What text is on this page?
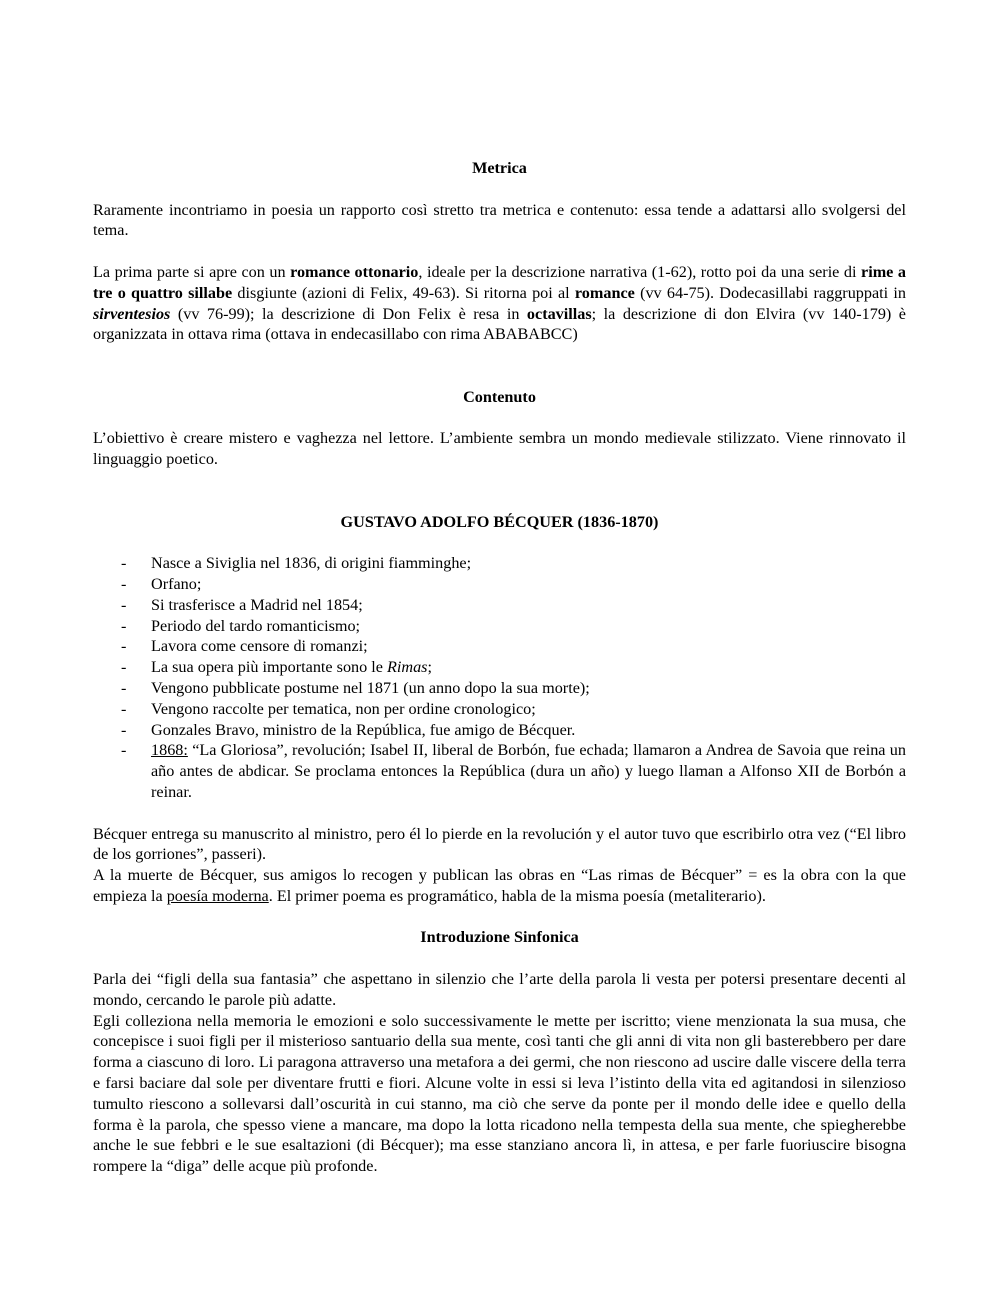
Metrica

Raramente incontriamo in poesia un rapporto così stretto tra metrica e contenuto: essa tende a adattarsi allo svolgersi del tema.

La prima parte si apre con un romance ottonario, ideale per la descrizione narrativa (1-62), rotto poi da una serie di rime a tre o quattro sillabe disgiunte (azioni di Felix, 49-63). Si ritorna poi al romance (vv 64-75). Dodecasillabi raggruppati in sirventesios (vv 76-99); la descrizione di Don Felix è resa in octavillas; la descrizione di don Elvira (vv 140-179) è organizzata in ottava rima (ottava in endecasillabo con rima ABABABCC)

Contenuto

L’obiettivo è creare mistero e vaghezza nel lettore. L’ambiente sembra un mondo medievale stilizzato. Viene rinnovato il linguaggio poetico.

GUSTAVO ADOLFO BÉCQUER (1836-1870)
- Nasce a Siviglia nel 1836, di origini fiamminghe;
- Orfano;
- Si trasferisce a Madrid nel 1854;
- Periodo del tardo romanticismo;
- Lavora come censore di romanzi;
- La sua opera più importante sono le Rimas;
- Vengono pubblicate postume nel 1871 (un anno dopo la sua morte);
- Vengono raccolte per tematica, non per ordine cronologico;
- Gonzales Bravo, ministro de la República, fue amigo de Bécquer.
- 1868: “La Gloriosa”, revolución; Isabel II, liberal de Borbón, fue echada; llamaron a Andrea de Savoia que reina un año antes de abdicar. Se proclama entonces la República (dura un año) y luego llaman a Alfonso XII de Borbón a reinar.

Bécquer entrega su manuscrito al ministro, pero él lo pierde en la revolución y el autor tuvo que escribirlo otra vez (“El libro de los gorriones”, passeri).

A la muerte de Bécquer, sus amigos lo recogen y publican las obras en “Las rimas de Bécquer” = es la obra con la que empieza la poesía moderna. El primer poema es programático, habla de la misma poesía (metaliterario).

Introduzione Sinfonica

Parla dei “figli della sua fantasia” che aspettano in silenzio che l’arte della parola li vesta per potersi presentare decenti al mondo, cercando le parole più adatte.

Egli colleziona nella memoria le emozioni e solo successivamente le mette per iscritto; viene menzionata la sua musa, che concepisce i suoi figli per il misterioso santuario della sua mente, così tanti che gli anni di vita non gli basterebbero per dare forma a ciascuno di loro. Li paragona attraverso una metafora a dei germi, che non riescono ad uscire dalle viscere della terra e farsi baciare dal sole per diventare frutti e fiori. Alcune volte in essi si leva l’istinto della vita ed agitandosi in silenzioso tumulto riescono a sollevarsi dall’oscurità in cui stanno, ma ciò che serve da ponte per il mondo delle idee e quello della forma è la parola, che spesso viene a mancare, ma dopo la lotta ricadono nella tempesta della sua mente, che spiegherebbe anche le sue febbri e le sue esaltazioni (di Bécquer); ma esse stanziano ancora lì, in attesa, e per farle fuoriuscire bisogna rompere la “diga” delle acque più profonde.
